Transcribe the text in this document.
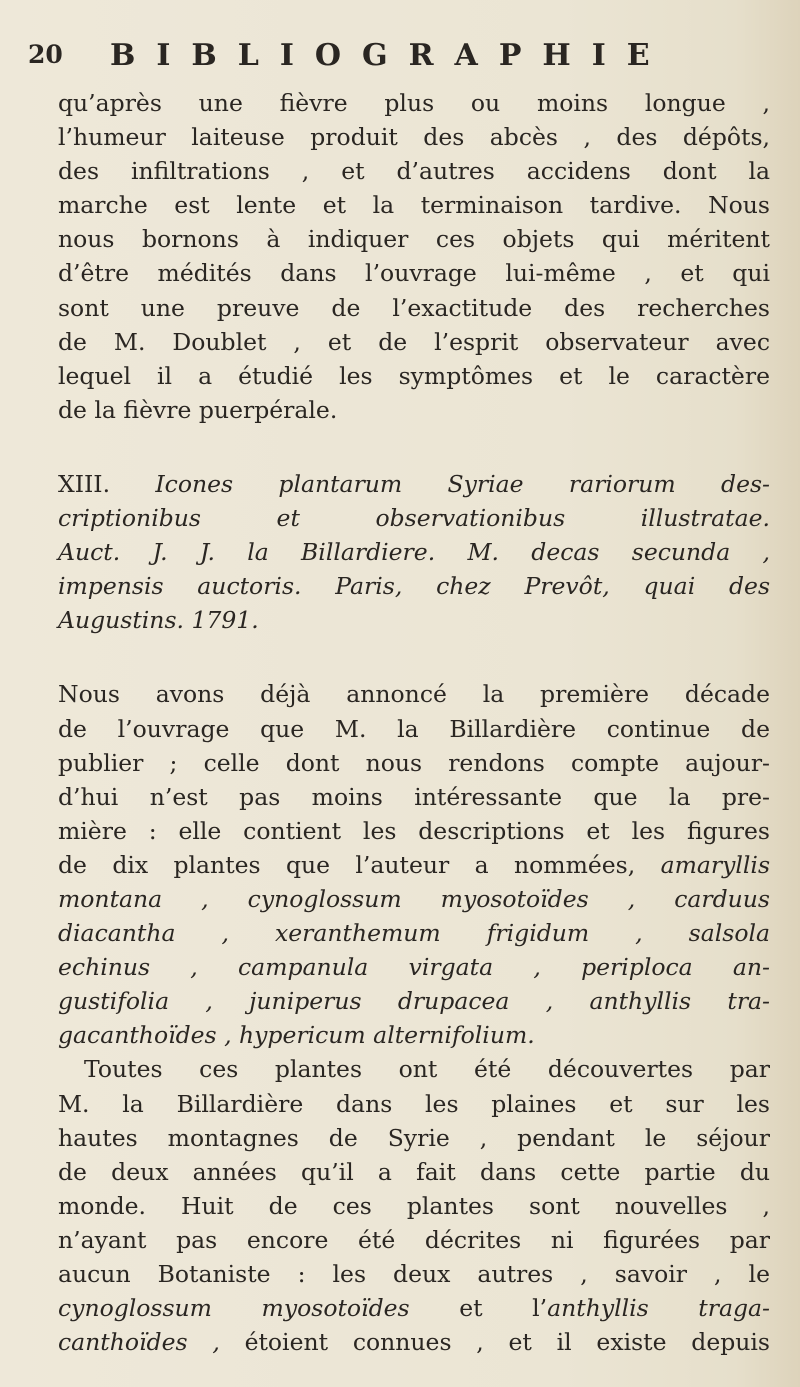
20 BIBLIOGRAPHIE
qu’après une fièvre plus ou moins longue ,
l’humeur laiteuse produit des abcès , des dépôts,
des infiltrations , et d’autres accidens dont la
marche est lente et la terminaison tardive. Nous
nous bornons à indiquer ces objets qui méritent
d’être médités dans l’ouvrage lui-même , et qui
sont une preuve de l’exactitude des recherches
de M. Doublet , et de l’esprit observateur avec
lequel il a étudié les symptômes et le caractère
de la fièvre puerpérale.
XIII. Icones plantarum Syriae rariorum des-
criptionibus et observationibus illustratae.
Auct. J. J. la Billardiere. M. decas secunda ,
impensis auctoris. Paris, chez Prevôt, quai des
Augustins. 1791.
Nous avons déjà annoncé la première décade
de l’ouvrage que M. la Billardière continue de
publier ; celle dont nous rendons compte aujour-
d’hui n’est pas moins intéressante que la pre-
mière : elle contient les descriptions et les figures
de dix plantes que l’auteur a nommées, amaryllis
montana , cynoglossum myosotoïdes , carduus
diacantha , xeranthemum frigidum , salsola
echinus , campanula virgata , periploca an-
gustifolia , juniperus drupacea , anthyllis tra-
gacanthoïdes , hypericum alternifolium.
Toutes ces plantes ont été découvertes par
M. la Billardière dans les plaines et sur les
hautes montagnes de Syrie , pendant le séjour
de deux années qu’il a fait dans cette partie du
monde. Huit de ces plantes sont nouvelles ,
n’ayant pas encore été décrites ni figurées par
aucun Botaniste : les deux autres , savoir , le
cynoglossum myosotoïdes et l’anthyllis traga-
canthoïdes , étoient connues , et il existe depuis
